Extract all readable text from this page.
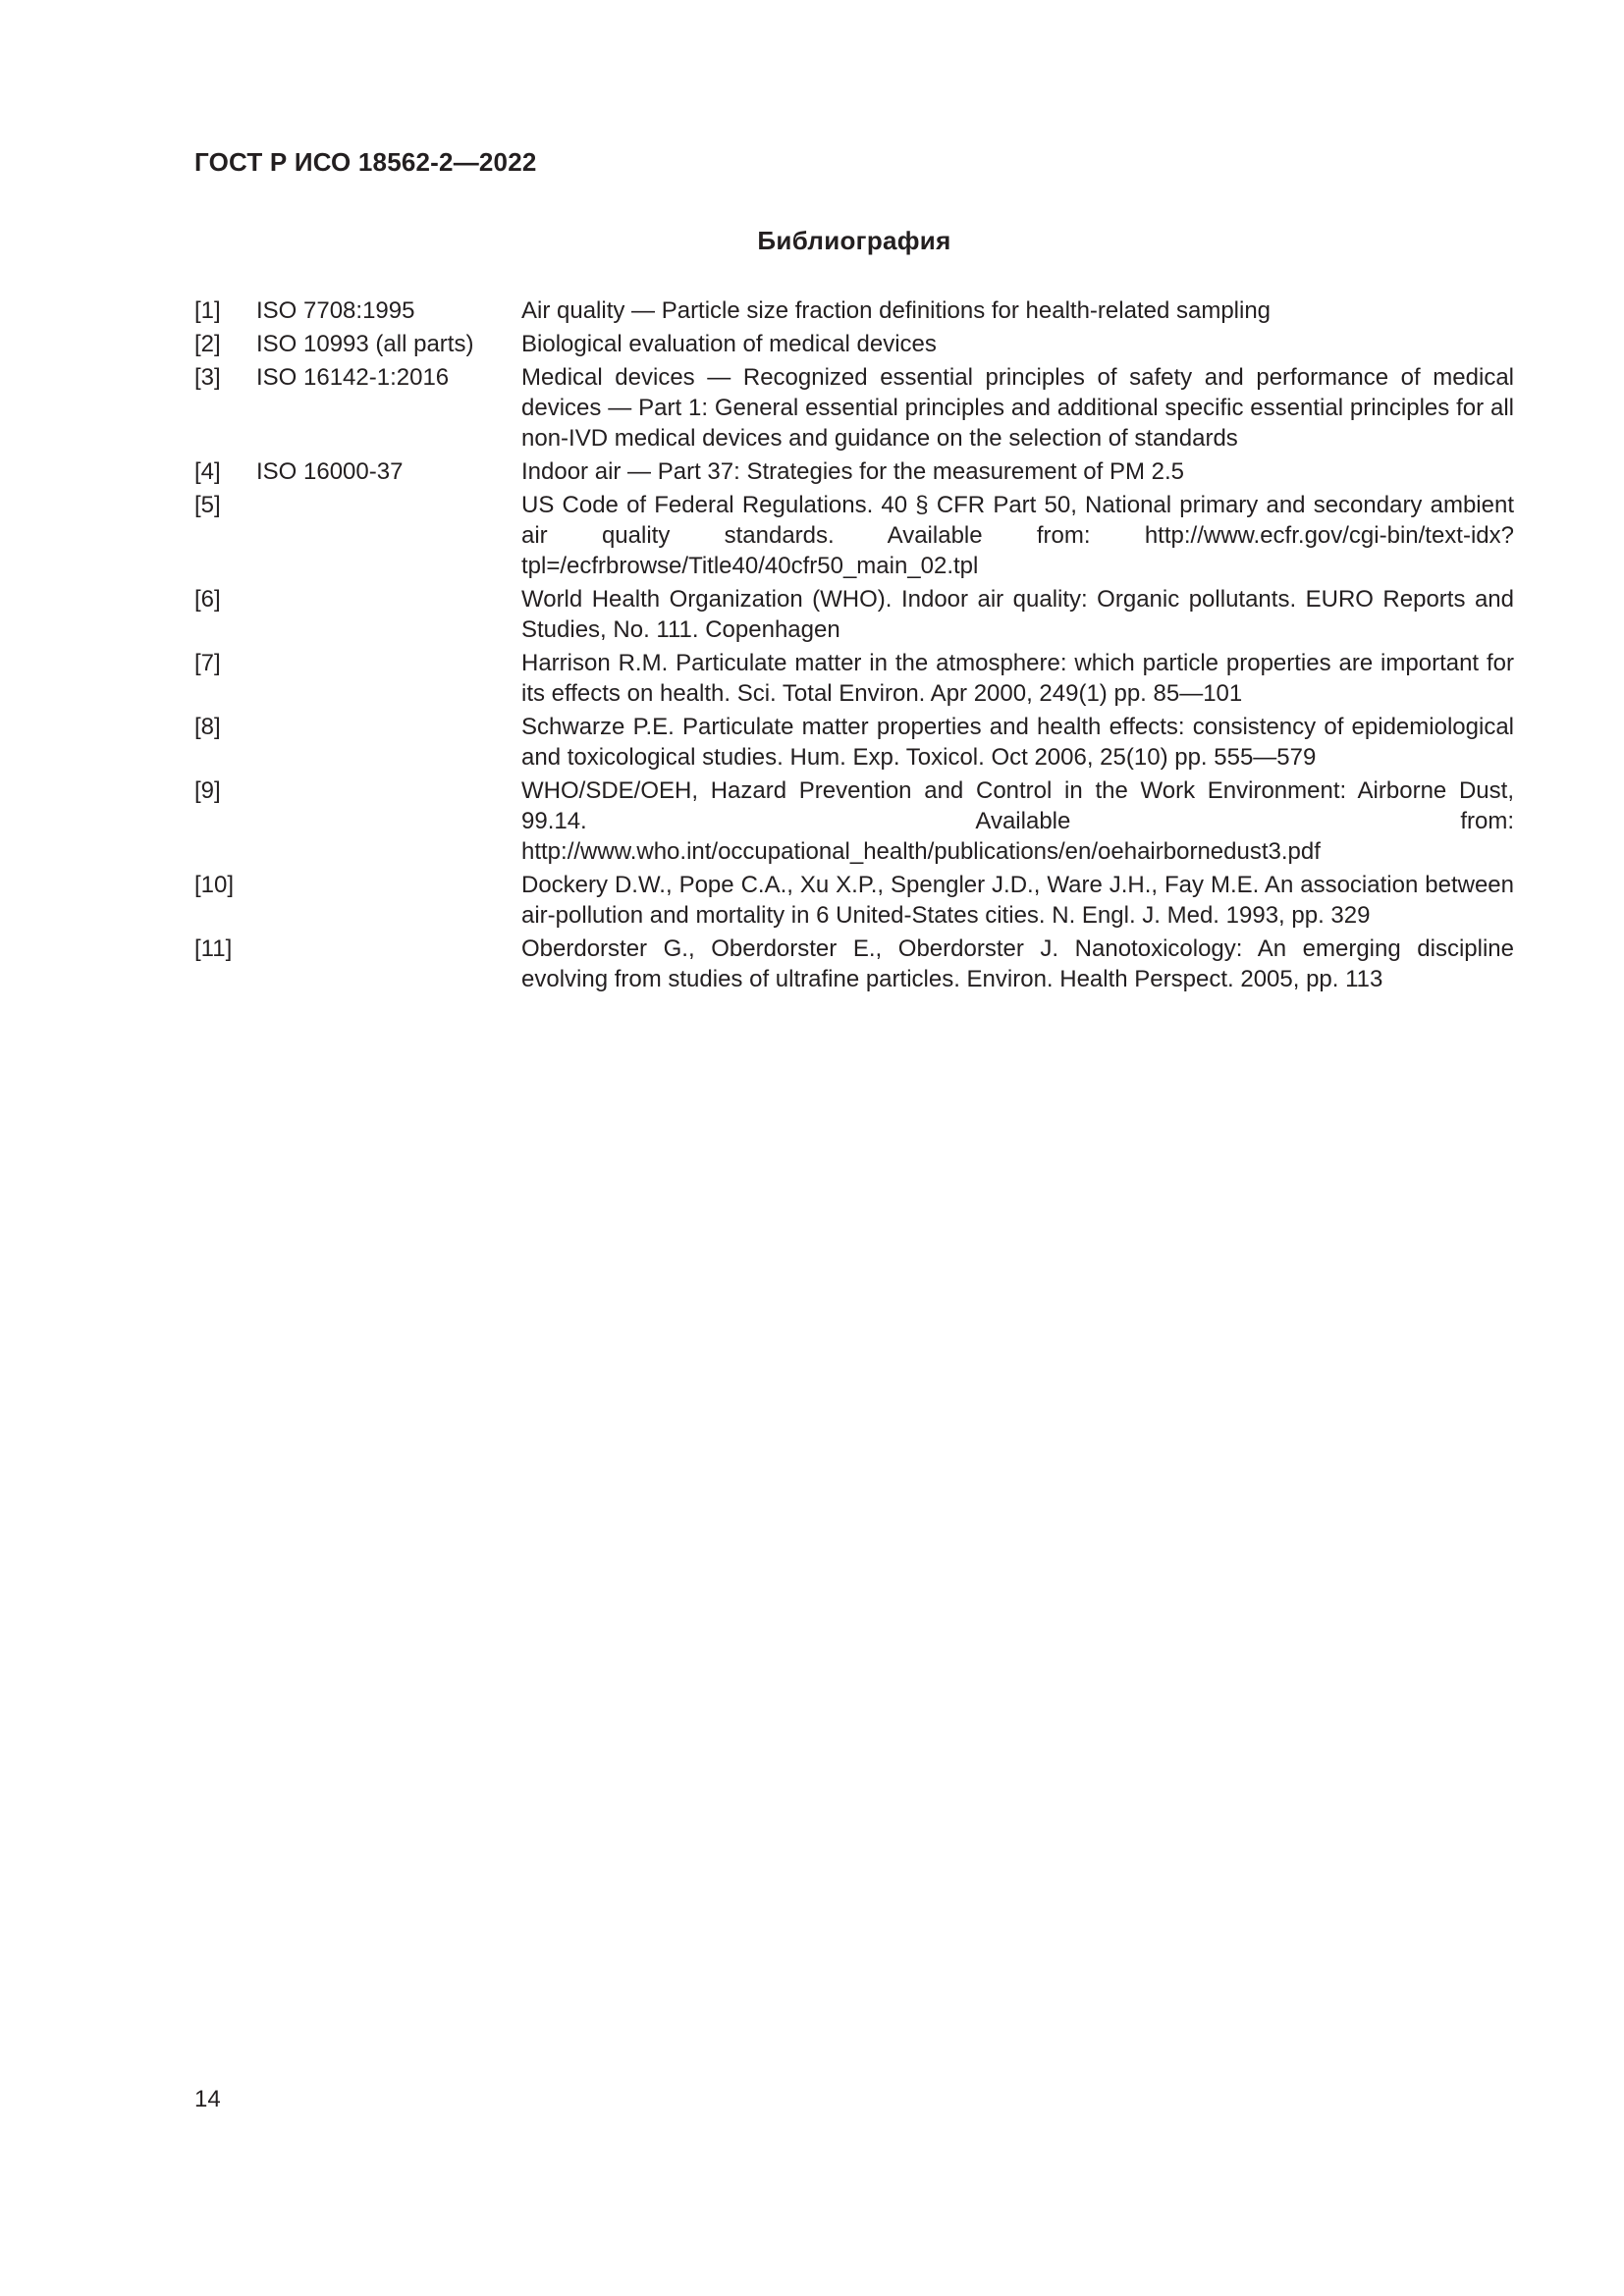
ГОСТ Р ИСО 18562-2—2022
Библиография
[1]	ISO 7708:1995	Air quality — Particle size fraction definitions for health-related sampling
[2]	ISO 10993 (all parts)	Biological evaluation of medical devices
[3]	ISO 16142-1:2016	Medical devices — Recognized essential principles of safety and performance of medical devices — Part 1: General essential principles and additional specific essential principles for all non-IVD medical devices and guidance on the selection of standards
[4]	ISO 16000-37	Indoor air — Part 37: Strategies for the measurement of PM 2.5
[5]		US Code of Federal Regulations. 40 § CFR Part 50, National primary and secondary ambient air quality standards. Available from: http://www.ecfr.gov/cgi-bin/text-idx?tpl=/ecfrbrowse/Title40/40cfr50_main_02.tpl
[6]		World Health Organization (WHO). Indoor air quality: Organic pollutants. EURO Reports and Studies, No. 111. Copenhagen
[7]		Harrison R.M. Particulate matter in the atmosphere: which particle properties are important for its effects on health. Sci. Total Environ. Apr 2000, 249(1) pp. 85—101
[8]		Schwarze P.E. Particulate matter properties and health effects: consistency of epidemiological and toxicological studies. Hum. Exp. Toxicol. Oct 2006, 25(10) pp. 555—579
[9]		WHO/SDE/OEH, Hazard Prevention and Control in the Work Environment: Airborne Dust, 99.14. Available from: http://www.who.int/occupational_health/publications/en/oehairbornedust3.pdf
[10]		Dockery D.W., Pope C.A., Xu X.P., Spengler J.D., Ware J.H., Fay M.E. An association between air-pollution and mortality in 6 United-States cities. N. Engl. J. Med. 1993, pp. 329
[11]		Oberdorster G., Oberdorster E., Oberdorster J. Nanotoxicology: An emerging discipline evolving from studies of ultrafine particles. Environ. Health Perspect. 2005, pp. 113
14
